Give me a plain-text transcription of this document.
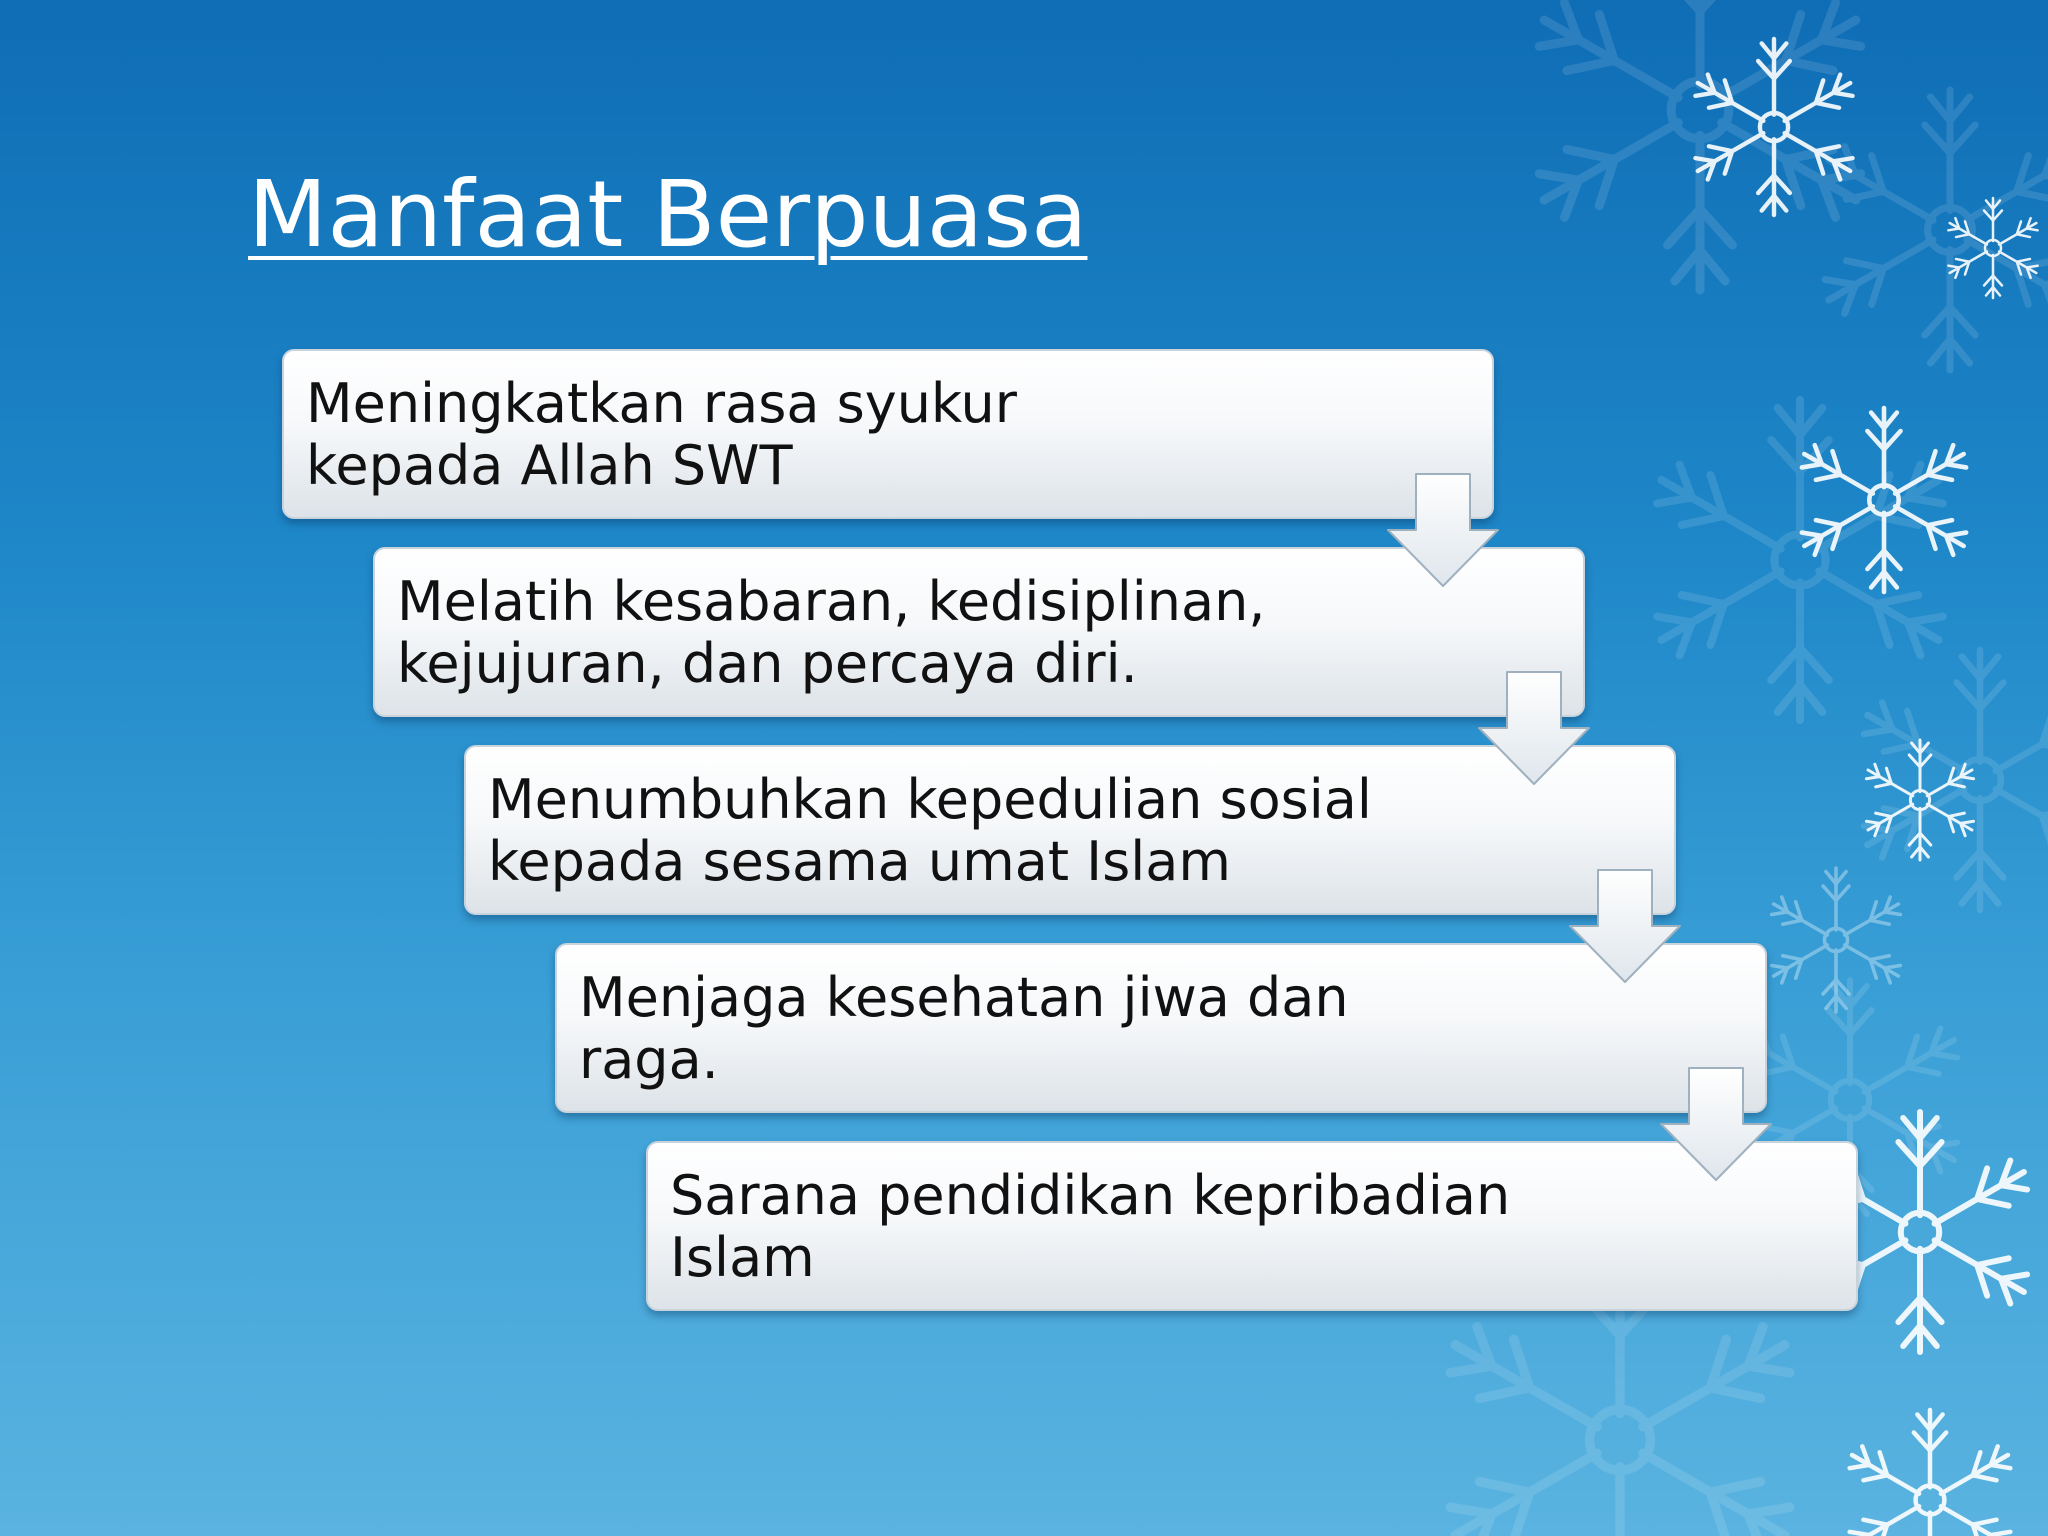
Manfaat Berpuasa
Meningkatkan rasa syukur
kepada Allah SWT
Melatih kesabaran, kedisiplinan,
kejujuran, dan percaya diri.
Menumbuhkan kepedulian sosial
kepada sesama umat Islam
Menjaga kesehatan jiwa dan
raga.
Sarana pendidikan kepribadian
Islam
